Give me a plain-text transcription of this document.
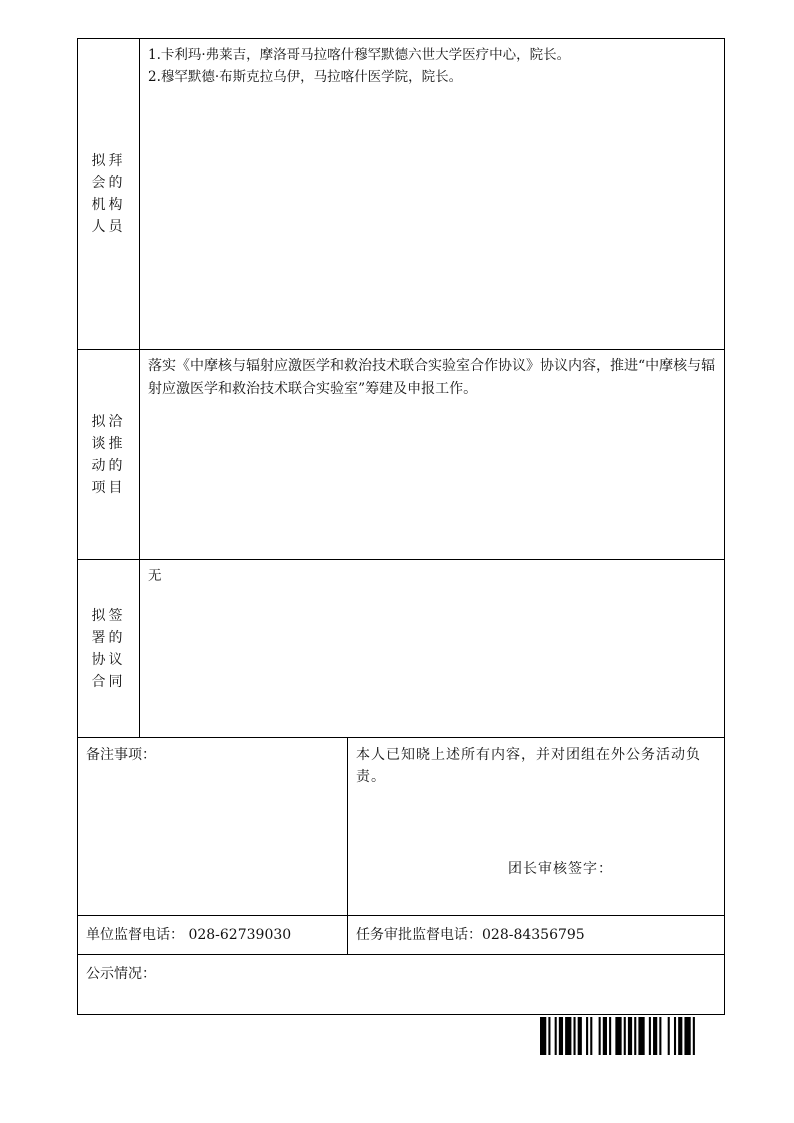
拟拜会的机构人员

1.卡利玛·弗莱吉，摩洛哥马拉喀什穆罕默德六世大学医疗中心，院长。

2.穆罕默德·布斯克拉乌伊，马拉喀什医学院，院长。

拟洽谈推动的项目

落实《中摩核与辐射应激医学和救治技术联合实验室合作协议》协议内容，推进“中摩核与辐射应激医学和救治技术联合实验室”筹建及申报工作。

拟签署的协议合同

无

备注事项：	本人已知晓上述所有内容，并对团组在外公务活动负责。
团长审核签字：
单位监督电话： 028-62739030	任务审批监督电话：028-84356795
公示情况：
